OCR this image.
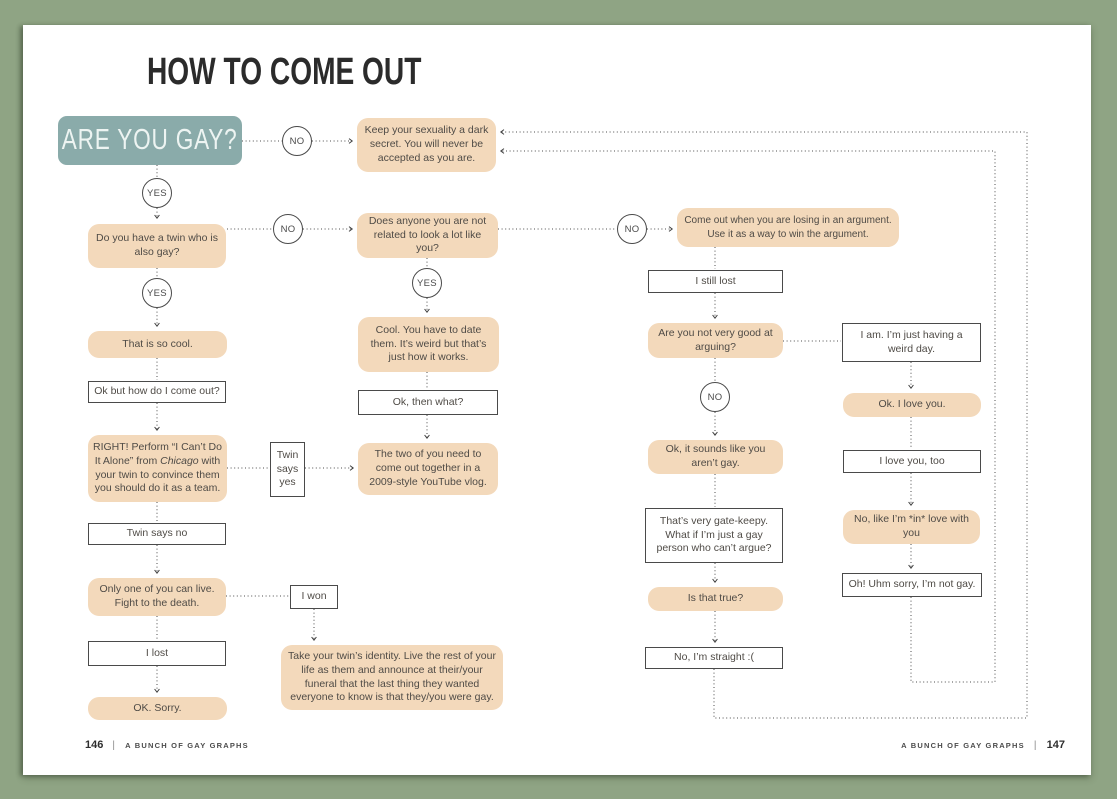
HOW TO COME OUT
ARE YOU GAY?	NO
YES
NO
YES
YES
NO
NO
Do you have a twin who is also gay?
That is so cool.
Ok but how do I come out?
RIGHT! Perform “I Can’t Do It Alone” from Chicago with your twin to convince them you should do it as a team.
Twin says no
Only one of you can live. Fight to the death.
I lost
OK. Sorry.
Twin says yes
I won
Keep your sexuality a dark secret. You will never be accepted as you are.
Does anyone you are not related to look a lot like you?
Cool. You have to date them. It’s weird but that’s just how it works.
Ok, then what?
The two of you need to come out together in a 2009-style YouTube vlog.
Take your twin’s identity. Live the rest of your life as them and announce at their/your funeral that the last thing they wanted everyone to know is that they/you were gay.
Come out when you are losing in an argument. Use it as a way to win the argument.
I still lost
Are you not very good at arguing?
Ok, it sounds like you aren’t gay.
That’s very gate-keepy. What if I’m just a gay person who can’t argue?
Is that true?
No, I’m straight :(
I am. I’m just having a weird day.
Ok. I love you.
I love you, too
No, like I’m *in* love with you
Oh! Uhm sorry, I’m not gay.
146 | A BUNCH OF GAY GRAPHS	A BUNCH OF GAY GRAPHS | 147
